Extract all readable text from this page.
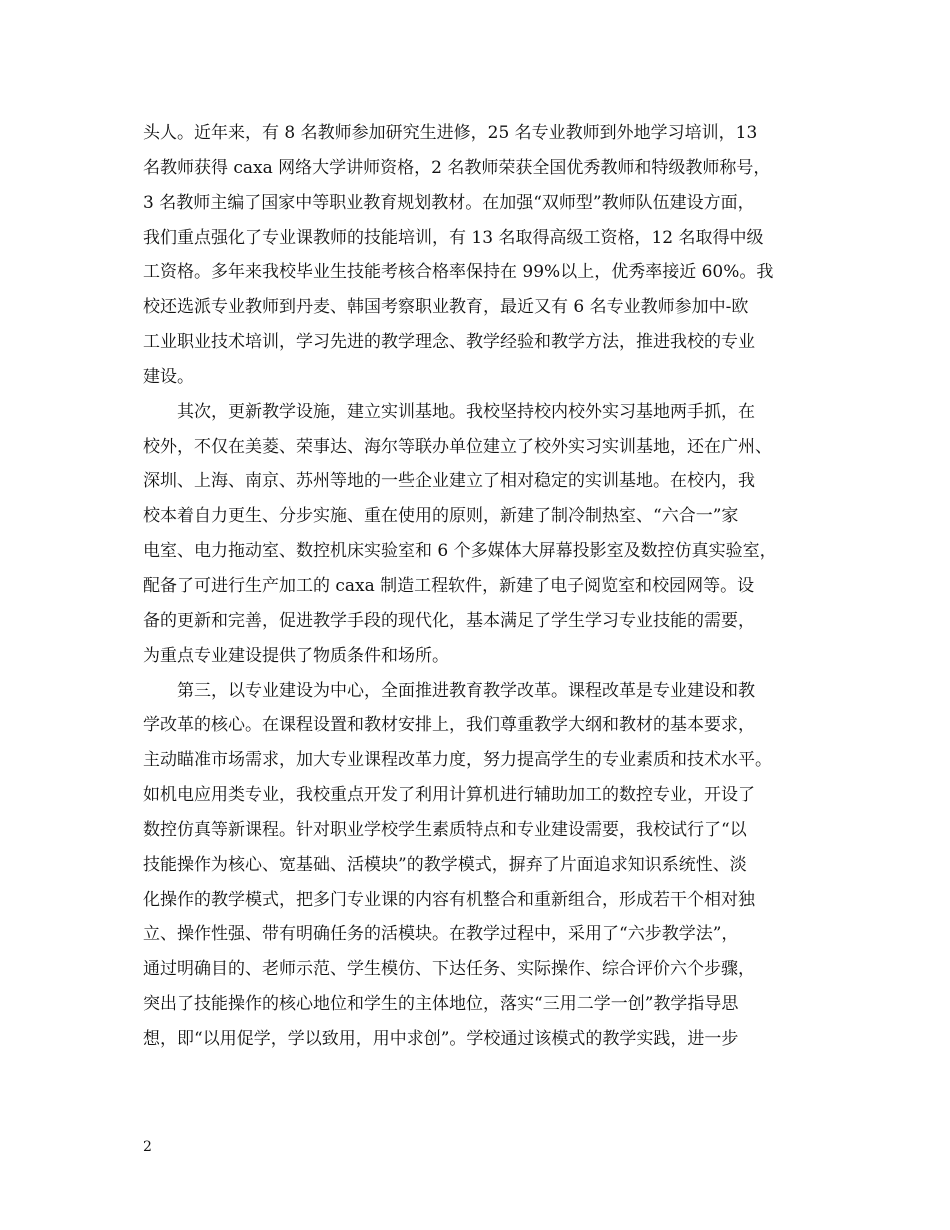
头人。近年来，有 8 名教师参加研究生进修，25 名专业教师到外地学习培训，13
名教师获得 caxa 网络大学讲师资格，2 名教师荣获全国优秀教师和特级教师称号，
3 名教师主编了国家中等职业教育规划教材。在加强“双师型”教师队伍建设方面，
我们重点强化了专业课教师的技能培训，有 13 名取得高级工资格，12 名取得中级
工资格。多年来我校毕业生技能考核合格率保持在 99%以上，优秀率接近 60%。我
校还选派专业教师到丹麦、韩国考察职业教育，最近又有 6 名专业教师参加中-欧
工业职业技术培训，学习先进的教学理念、教学经验和教学方法，推进我校的专业
建设。
　　其次，更新教学设施，建立实训基地。我校坚持校内校外实习基地两手抓，在
校外，不仅在美菱、荣事达、海尔等联办单位建立了校外实习实训基地，还在广州、
深圳、上海、南京、苏州等地的一些企业建立了相对稳定的实训基地。在校内，我
校本着自力更生、分步实施、重在使用的原则，新建了制冷制热室、“六合一”家
电室、电力拖动室、数控机床实验室和 6 个多媒体大屏幕投影室及数控仿真实验室，
配备了可进行生产加工的 caxa 制造工程软件，新建了电子阅览室和校园网等。设
备的更新和完善，促进教学手段的现代化，基本满足了学生学习专业技能的需要，
为重点专业建设提供了物质条件和场所。
　　第三，以专业建设为中心，全面推进教育教学改革。课程改革是专业建设和教
学改革的核心。在课程设置和教材安排上，我们尊重教学大纲和教材的基本要求，
主动瞄准市场需求，加大专业课程改革力度，努力提高学生的专业素质和技术水平。
如机电应用类专业，我校重点开发了利用计算机进行辅助加工的数控专业，开设了
数控仿真等新课程。针对职业学校学生素质特点和专业建设需要，我校试行了“以
技能操作为核心、宽基础、活模块”的教学模式，摒弃了片面追求知识系统性、淡
化操作的教学模式，把多门专业课的内容有机整合和重新组合，形成若干个相对独
立、操作性强、带有明确任务的活模块。在教学过程中，采用了“六步教学法”，
通过明确目的、老师示范、学生模仿、下达任务、实际操作、综合评价六个步骤，
突出了技能操作的核心地位和学生的主体地位，落实“三用二学一创”教学指导思
想，即“以用促学，学以致用，用中求创”。学校通过该模式的教学实践，进一步
2
